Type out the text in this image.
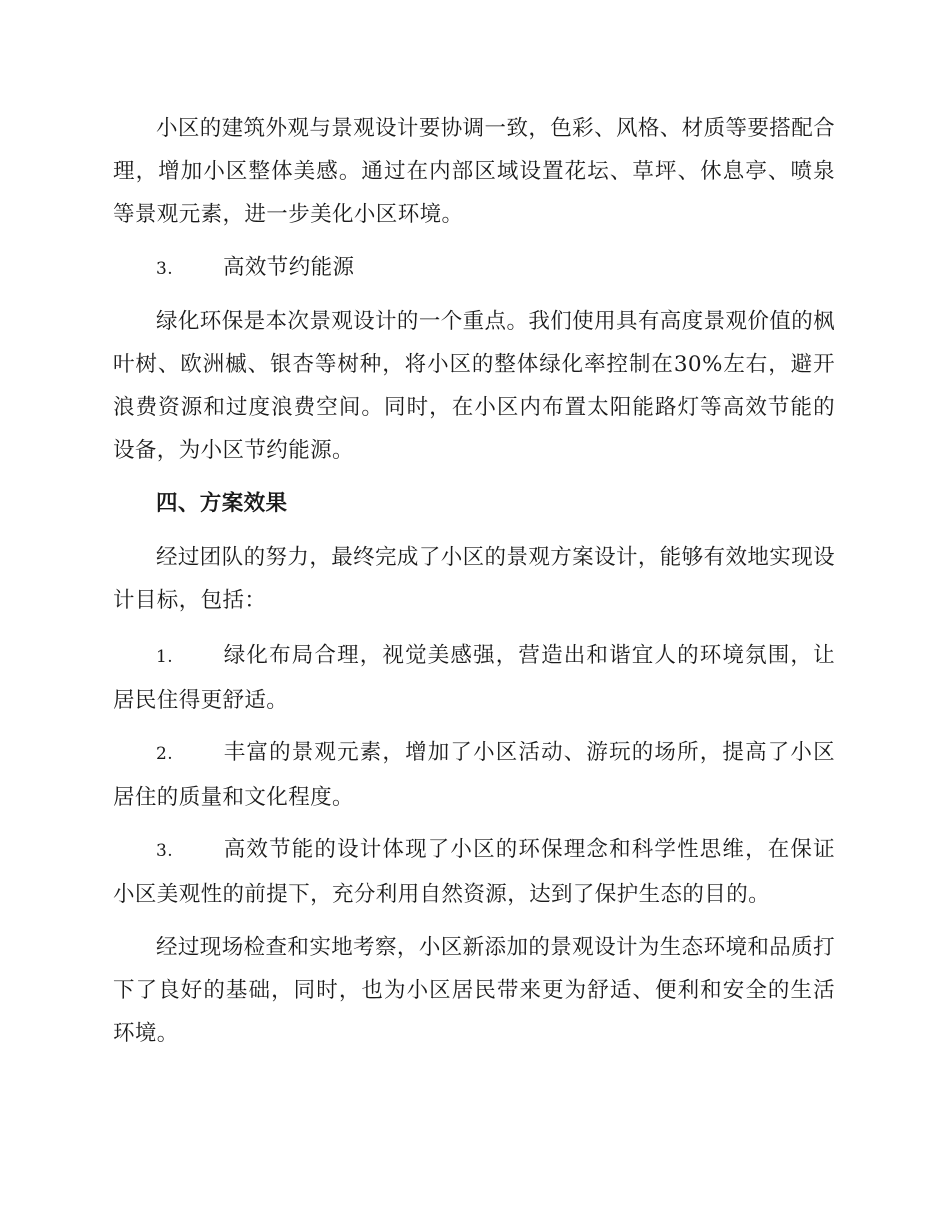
小区的建筑外观与景观设计要协调一致，色彩、风格、材质等要搭配合理，增加小区整体美感。通过在内部区域设置花坛、草坪、休息亭、喷泉等景观元素，进一步美化小区环境。

3. 高效节约能源

绿化环保是本次景观设计的一个重点。我们使用具有高度景观价值的枫叶树、欧洲槭、银杏等树种，将小区的整体绿化率控制在30%左右，避开浪费资源和过度浪费空间。同时，在小区内布置太阳能路灯等高效节能的设备，为小区节约能源。

四、方案效果

经过团队的努力，最终完成了小区的景观方案设计，能够有效地实现设计目标，包括：

1. 绿化布局合理，视觉美感强，营造出和谐宜人的环境氛围，让居民住得更舒适。

2. 丰富的景观元素，增加了小区活动、游玩的场所，提高了小区居住的质量和文化程度。

3. 高效节能的设计体现了小区的环保理念和科学性思维，在保证小区美观性的前提下，充分利用自然资源，达到了保护生态的目的。

经过现场检查和实地考察，小区新添加的景观设计为生态环境和品质打下了良好的基础，同时，也为小区居民带来更为舒适、便利和安全的生活环境。
